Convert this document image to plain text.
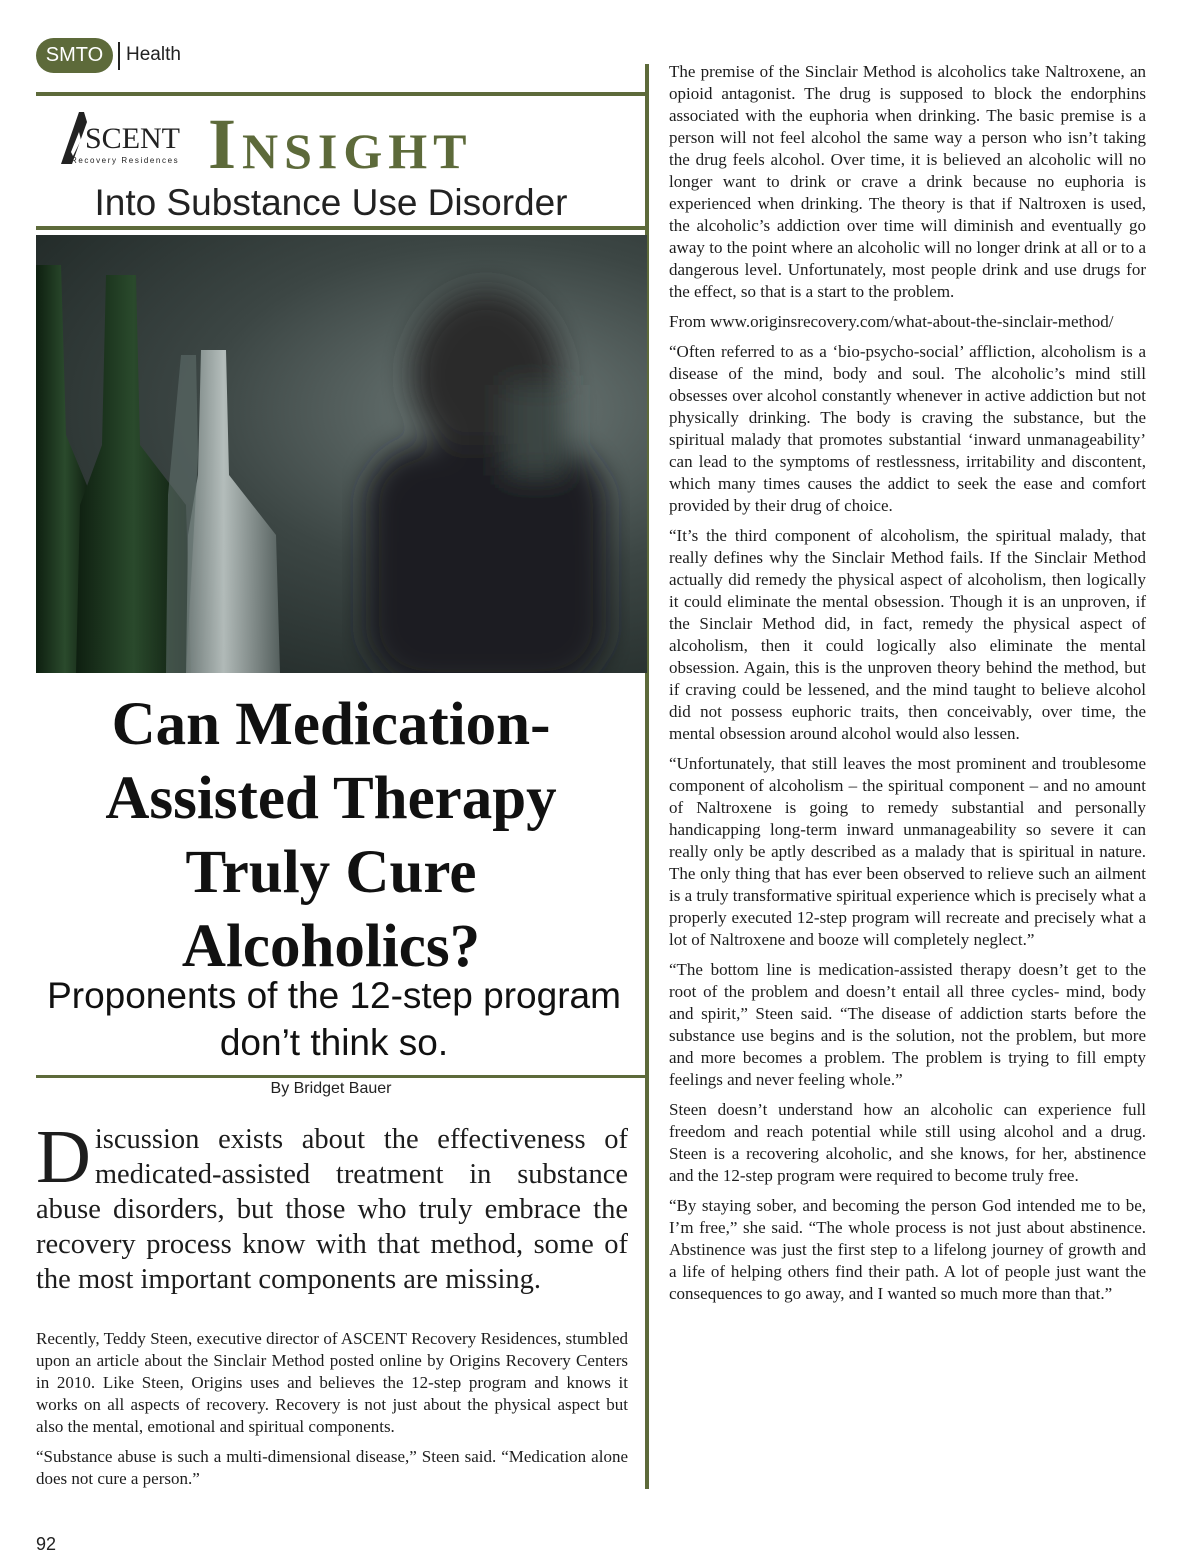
SMTO	Health
SCENT
Recovery Residences Insight
Into Substance Use Disorder
Can Medication-Assisted Therapy Truly Cure Alcoholics?
Proponents of the 12-step program don’t think so.
By Bridget Bauer
Discussion exists about the effectiveness of medicated-assisted treatment in substance abuse disorders, but those who truly embrace the recovery process know with that method, some of the most important components are missing.

Recently, Teddy Steen, executive director of ASCENT Recovery Residences, stumbled upon an article about the Sinclair Method posted online by Origins Recovery Centers in 2010. Like Steen, Origins uses and believes the 12-step program and knows it works on all aspects of recovery. Recovery is not just about the physical aspect but also the mental, emotional and spiritual components.

“Substance abuse is such a multi-dimensional disease,” Steen said. “Medication alone does not cure a person.”

The premise of the Sinclair Method is alcoholics take Naltroxene, an opioid antagonist. The drug is supposed to block the endorphins associated with the euphoria when drinking. The basic premise is a person will not feel alcohol the same way a person who isn’t taking the drug feels alcohol. Over time, it is believed an alcoholic will no longer want to drink or crave a drink because no euphoria is experienced when drinking. The theory is that if Naltroxen is used, the alcoholic’s addiction over time will diminish and eventually go away to the point where an alcoholic will no longer drink at all or to a dangerous level. Unfortunately, most people drink and use drugs for the effect, so that is a start to the problem.

From www.originsrecovery.com/what-about-the-sinclair-method/

“Often referred to as a ‘bio-psycho-social’ affliction, alcoholism is a disease of the mind, body and soul. The alcoholic’s mind still obsesses over alcohol constantly whenever in active addiction but not physically drinking. The body is craving the substance, but the spiritual malady that promotes substantial ‘inward unmanageability’ can lead to the symptoms of restlessness, irritability and discontent, which many times causes the addict to seek the ease and comfort provided by their drug of choice.

“It’s the third component of alcoholism, the spiritual malady, that really defines why the Sinclair Method fails. If the Sinclair Method actually did remedy the physical aspect of alcoholism, then logically it could eliminate the mental obsession. Though it is an unproven, if the Sinclair Method did, in fact, remedy the physical aspect of alcoholism, then it could logically also eliminate the mental obsession. Again, this is the unproven theory behind the method, but if craving could be lessened, and the mind taught to believe alcohol did not possess euphoric traits, then conceivably, over time, the mental obsession around alcohol would also lessen.

“Unfortunately, that still leaves the most prominent and troublesome component of alcoholism – the spiritual component – and no amount of Naltroxene is going to remedy substantial and personally handicapping long-term inward unmanageability so severe it can really only be aptly described as a malady that is spiritual in nature. The only thing that has ever been observed to relieve such an ailment is a truly transformative spiritual experience which is precisely what a properly executed 12-step program will recreate and precisely what a lot of Naltroxene and booze will completely neglect.”

“The bottom line is medication-assisted therapy doesn’t get to the root of the problem and doesn’t entail all three cycles- mind, body and spirit,” Steen said. “The disease of addiction starts before the substance use begins and is the solution, not the problem, but more and more becomes a problem. The problem is trying to fill empty feelings and never feeling whole.”

Steen doesn’t understand how an alcoholic can experience full freedom and reach potential while still using alcohol and a drug. Steen is a recovering alcoholic, and she knows, for her, abstinence and the 12-step program were required to become truly free.

“By staying sober, and becoming the person God intended me to be, I’m free,” she said. “The whole process is not just about abstinence. Abstinence was just the first step to a lifelong journey of growth and a life of helping others find their path. A lot of people just want the consequences to go away, and I wanted so much more than that.”

92
